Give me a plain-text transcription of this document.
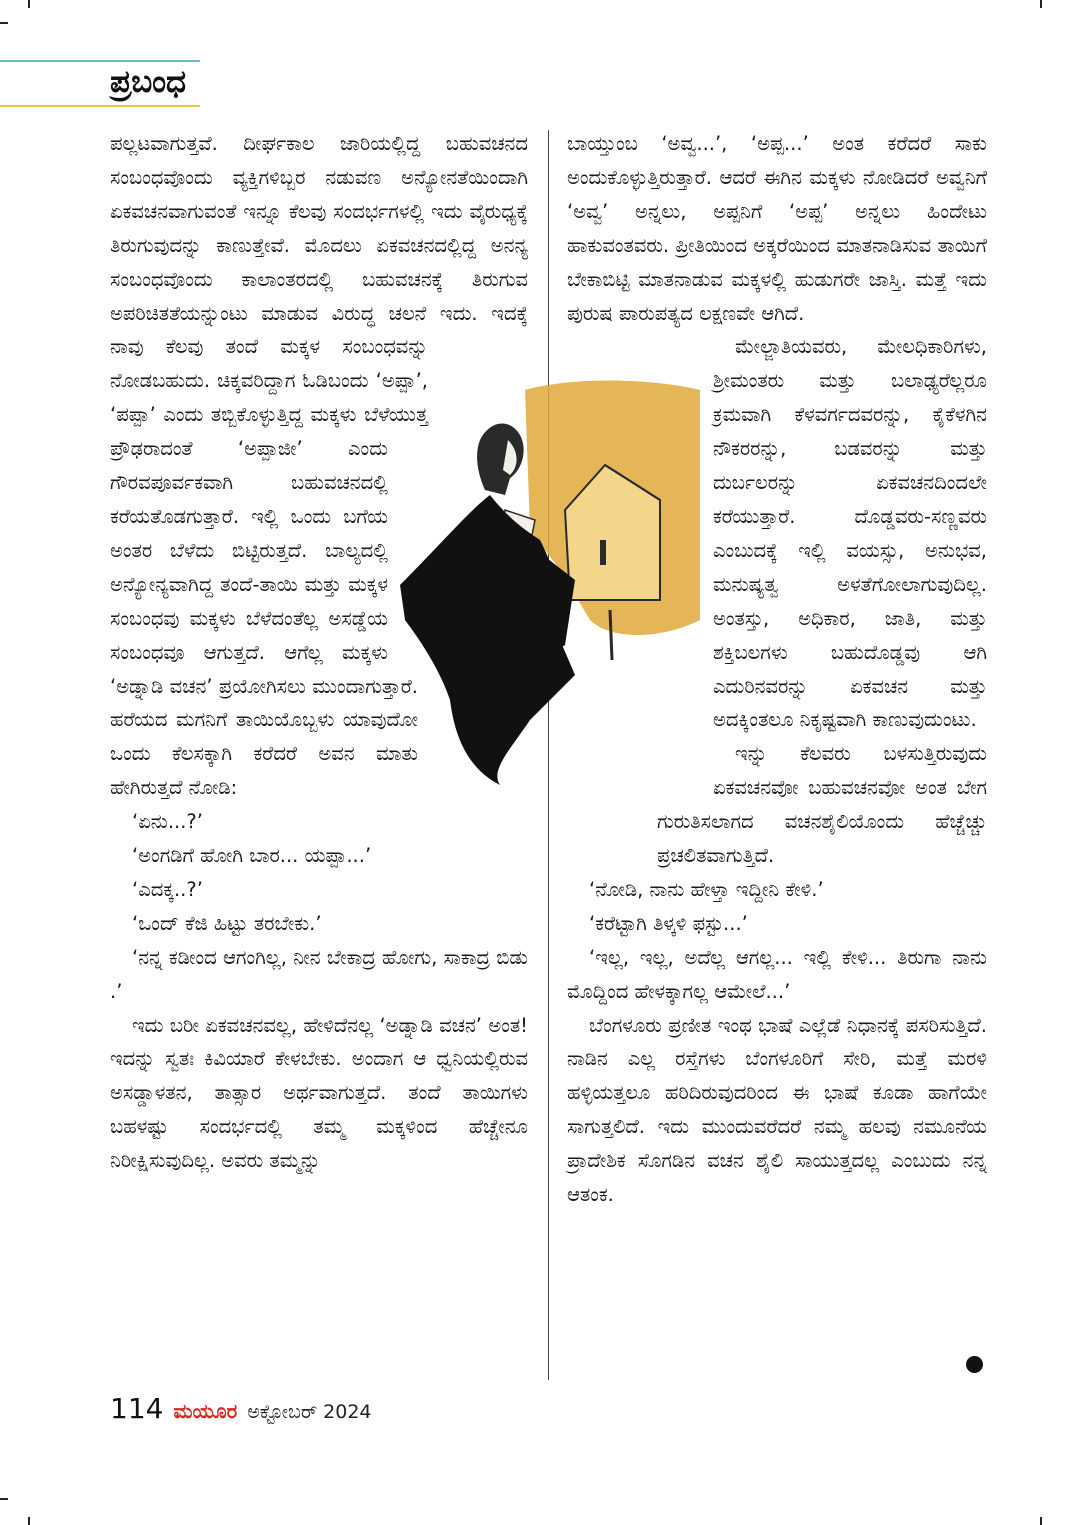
ಪ್ರಬಂಧ

ಪಲ್ಲಟವಾಗುತ್ತವೆ. ದೀರ್ಘಕಾಲ ಜಾರಿಯಲ್ಲಿದ್ದ ಬಹುವಚನದ ಸಂಬಂಧವೊಂದು ವ್ಯಕ್ತಿಗಳಿಬ್ಬರ ನಡುವಣ ಅನ್ಯೋನತೆಯಿಂದಾಗಿ ಏಕವಚನವಾಗುವಂತೆ ಇನ್ನೂ ಕೆಲವು ಸಂದರ್ಭಗಳಲ್ಲಿ ಇದು ವೈರುಧ್ಯಕ್ಕೆ ತಿರುಗುವುದನ್ನು ಕಾಣುತ್ತೇವೆ. ಮೊದಲು ಏಕವಚನದಲ್ಲಿದ್ದ ಅನನ್ಯ ಸಂಬಂಧವೊಂದು ಕಾಲಾಂತರದಲ್ಲಿ ಬಹುವಚನಕ್ಕೆ ತಿರುಗುವ ಅಪರಿಚಿತತೆಯನ್ನುಂಟು ಮಾಡುವ ವಿರುದ್ಧ ಚಲನೆ ಇದು. ಇದಕ್ಕೆ ನಾವು ಕೆಲವು ತಂದೆ ಮಕ್ಕಳ ಸಂಬಂಧವನ್ನು ನೋಡಬಹುದು. ಚಿಕ್ಕವರಿದ್ದಾಗ ಓಡಿಬಂದು ‘ಅಪ್ಪಾ’, ‘ಪಪ್ಪಾ’ ಎಂದು ತಬ್ಬಿಕೊಳ್ಳುತ್ತಿದ್ದ ಮಕ್ಕಳು ಬೆಳೆಯುತ್ತ ಪ್ರೌಢರಾದಂತೆ ‘ಅಪ್ಪಾಜೀ’ ಎಂದು ಗೌರವಪೂರ್ವಕವಾಗಿ ಬಹುವಚನದಲ್ಲಿ ಕರೆಯತೊಡಗುತ್ತಾರೆ. ಇಲ್ಲಿ ಒಂದು ಬಗೆಯ ಅಂತರ ಬೆಳೆದು ಬಿಟ್ಟಿರುತ್ತದೆ. ಬಾಲ್ಯದಲ್ಲಿ ಅನ್ಯೋನ್ಯವಾಗಿದ್ದ ತಂದೆ-ತಾಯಿ ಮತ್ತು ಮಕ್ಕಳ ಸಂಬಂಧವು ಮಕ್ಕಳು ಬೆಳೆದಂತೆಲ್ಲ ಅಸಡ್ಡೆಯ ಸಂಬಂಧವೂ ಆಗುತ್ತದೆ. ಆಗೆಲ್ಲ ಮಕ್ಕಳು ‘ಅಡ್ನಾಡಿ ವಚನ’ ಪ್ರಯೋಗಿಸಲು ಮುಂದಾಗುತ್ತಾರೆ. ಹರೆಯದ ಮಗನಿಗೆ ತಾಯಿಯೊಬ್ಬಳು ಯಾವುದೋ ಒಂದು ಕೆಲಸಕ್ಕಾಗಿ ಕರೆದರೆ ಅವನ ಮಾತು ಹೇಗಿರುತ್ತದೆ ನೋಡಿ:

‘ಏನು...?’

‘ಅಂಗಡಿಗೆ ಹೋಗಿ ಬಾರ... ಯಪ್ಪಾ...’

‘ಎದಕ್ಕ..?’

‘ಒಂದ್ ಕೆಜಿ ಹಿಟ್ಟು ತರಬೇಕು.’

‘ನನ್ನ ಕಡೀಂದ ಆಗಂಗಿಲ್ಲ, ನೀನ ಬೇಕಾದ್ರ ಹೋಗು, ಸಾಕಾದ್ರ ಬಿಡು .’

ಇದು ಬರೀ ಏಕವಚನವಲ್ಲ, ಹೇಳಿದೆನಲ್ಲ ‘ಅಡ್ನಾಡಿ ವಚನ’ ಅಂತ! ಇದನ್ನು ಸ್ವತಃ ಕಿವಿಯಾರೆ ಕೇಳಬೇಕು. ಅಂದಾಗ ಆ ಧ್ವನಿಯಲ್ಲಿರುವ ಅಸಡ್ಡಾಳತನ, ತಾತ್ಸಾರ ಅರ್ಥವಾಗುತ್ತದೆ. ತಂದೆ ತಾಯಿಗಳು ಬಹಳಷ್ಟು ಸಂದರ್ಭದಲ್ಲಿ ತಮ್ಮ ಮಕ್ಕಳಿಂದ ಹೆಚ್ಚೇನೂ ನಿರೀಕ್ಷಿಸುವುದಿಲ್ಲ. ಅವರು ತಮ್ಮನ್ನು

ಬಾಯ್ತುಂಬ ‘ಅವ್ವ...’, ‘ಅಪ್ಪ...’ ಅಂತ ಕರೆದರೆ ಸಾಕು ಅಂದುಕೊಳ್ಳುತ್ತಿರುತ್ತಾರೆ. ಆದರೆ ಈಗಿನ ಮಕ್ಕಳು ನೋಡಿದರೆ ಅವ್ವನಿಗೆ ‘ಅವ್ವ’ ಅನ್ನಲು, ಅಪ್ಪನಿಗೆ ‘ಅಪ್ಪ’ ಅನ್ನಲು ಹಿಂದೇಟು ಹಾಕುವಂತವರು. ಪ್ರೀತಿಯಿಂದ ಅಕ್ಕರೆಯಿಂದ ಮಾತನಾಡಿಸುವ ತಾಯಿಗೆ ಬೇಕಾಬಿಟ್ಟಿ ಮಾತನಾಡುವ ಮಕ್ಕಳಲ್ಲಿ ಹುಡುಗರೇ ಜಾಸ್ತಿ. ಮತ್ತೆ ಇದು ಪುರುಷ ಪಾರುಪತ್ಯದ ಲಕ್ಷಣವೇ ಆಗಿದೆ.

ಮೇಲ್ಜಾತಿಯವರು, ಮೇಲಧಿಕಾರಿಗಳು, ಶ್ರೀಮಂತರು ಮತ್ತು ಬಲಾಢ್ಯರೆಲ್ಲರೂ ಕ್ರಮವಾಗಿ ಕೆಳವರ್ಗದವರನ್ನು, ಕೈಕೆಳಗಿನ ನೌಕರರನ್ನು, ಬಡವರನ್ನು ಮತ್ತು ದುರ್ಬಲರನ್ನು ಏಕವಚನದಿಂದಲೇ ಕರೆಯುತ್ತಾರೆ. ದೊಡ್ಡವರು-ಸಣ್ಣವರು ಎಂಬುದಕ್ಕೆ ಇಲ್ಲಿ ವಯಸ್ಸು, ಅನುಭವ, ಮನುಷ್ಯತ್ವ ಅಳತೆಗೋಲಾಗುವುದಿಲ್ಲ. ಅಂತಸ್ತು, ಅಧಿಕಾರ, ಜಾತಿ, ಮತ್ತು ಶಕ್ತಿಬಲಗಳು ಬಹುದೊಡ್ಡವು ಆಗಿ ಎದುರಿನವರನ್ನು ಏಕವಚನ ಮತ್ತು ಅದಕ್ಕಿಂತಲೂ ನಿಕೃಷ್ಟವಾಗಿ ಕಾಣುವುದುಂಟು.

ಇನ್ನು ಕೆಲವರು ಬಳಸುತ್ತಿರುವುದು ಏಕವಚನವೋ ಬಹುವಚನವೋ ಅಂತ ಬೇಗ ಗುರುತಿಸಲಾಗದ ವಚನಶೈಲಿಯೊಂದು ಹೆಚ್ಚೆಚ್ಚು ಪ್ರಚಲಿತವಾಗುತ್ತಿದೆ.

‘ನೋಡಿ, ನಾನು ಹೇಳ್ತಾ ಇದ್ದೀನಿ ಕೇಳಿ.’

‘ಕರೆಟ್ಟಾಗಿ ತಿಳ್ಕಳಿ ಫಸ್ಟು...’

‘ಇಲ್ಲ, ಇಲ್ಲ, ಅದೆಲ್ಲ ಆಗಲ್ಲ... ಇಲ್ಲಿ ಕೇಳಿ... ತಿರುಗಾ ನಾನು ಮೊದ್ದಿಂದ ಹೇಳಕ್ಕಾಗಲ್ಲ ಆಮೇಲೆ...’

ಬೆಂಗಳೂರು ಪ್ರಣೀತ ಇಂಥ ಭಾಷೆ ಎಲ್ಲೆಡೆ ನಿಧಾನಕ್ಕೆ ಪಸರಿಸುತ್ತಿದೆ. ನಾಡಿನ ಎಲ್ಲ ರಸ್ತೆಗಳು ಬೆಂಗಳೂರಿಗೆ ಸೇರಿ, ಮತ್ತೆ ಮರಳಿ ಹಳ್ಳಿಯತ್ತಲೂ ಹರಿದಿರುವುದರಿಂದ ಈ ಭಾಷೆ ಕೂಡಾ ಹಾಗೆಯೇ ಸಾಗುತ್ತಲಿದೆ. ಇದು ಮುಂದುವರೆದರೆ ನಮ್ಮ ಹಲವು ನಮೂನೆಯ ಪ್ರಾದೇಶಿಕ ಸೊಗಡಿನ ವಚನ ಶೈಲಿ ಸಾಯುತ್ತದಲ್ಲ ಎಂಬುದು ನನ್ನ ಆತಂಕ.

114 ಮಯೂರ ಅಕ್ಟೋಬರ್ 2024
